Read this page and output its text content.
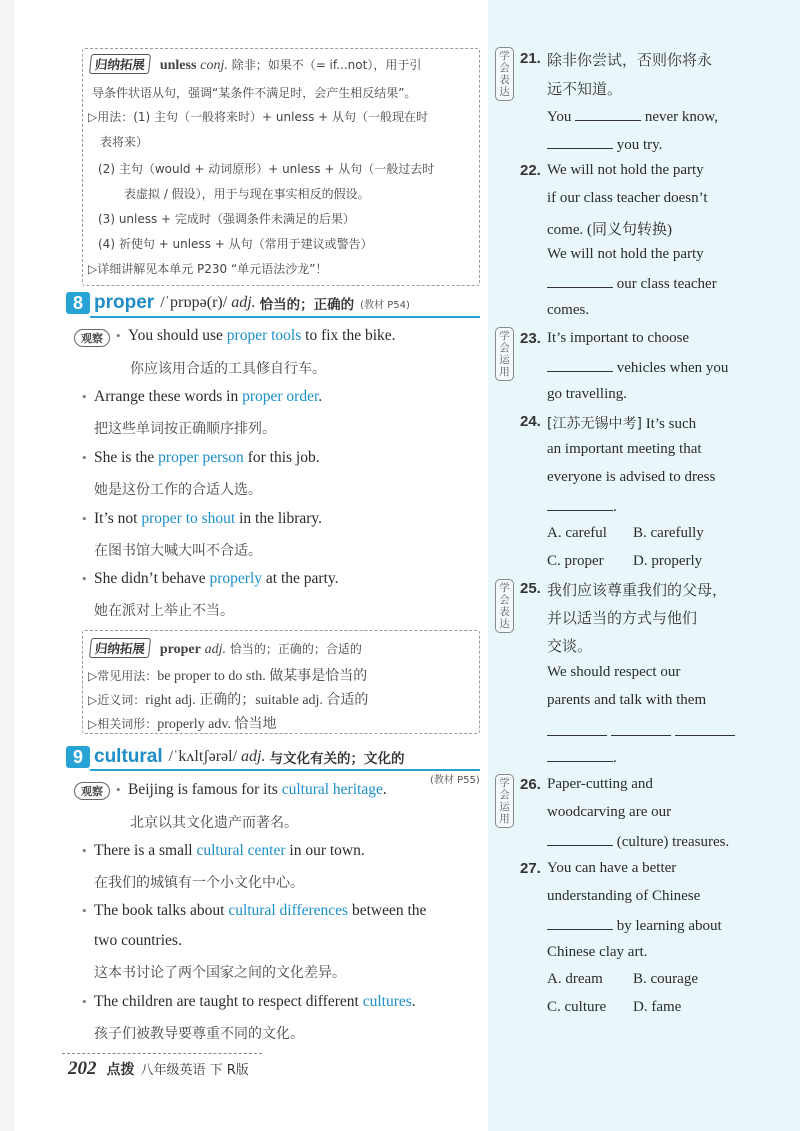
归纳拓展 unless conj. 除非；如果不（= if...not），用于引
导条件状语从句，强调“某条件不满足时，会产生相反结果”。
▷用法：(1) 主句（一般将来时）+ unless + 从句（一般现在时
表将来）
(2) 主句（would + 动词原形）+ unless + 从句（一般过去时
表虚拟 / 假设），用于与现在事实相反的假设。
(3) unless + 完成时（强调条件未满足的后果）
(4) 祈使句 + unless + 从句（常用于建议或警告）
▷详细讲解见本单元 P230 “单元语法沙龙”！
8 proper /ˈprɒpə(r)/ adj. 恰当的；正确的 (教材 P54)
观察	• You should use proper tools to fix the bike.
你应该用合适的工具修自行车。
• Arrange these words in proper order.
把这些单词按正确顺序排列。
• She is the proper person for this job.
她是这份工作的合适人选。
• It’s not proper to shout in the library.
在图书馆大喊大叫不合适。
• She didn’t behave properly at the party.
她在派对上举止不当。
归纳拓展 proper adj. 恰当的；正确的；合适的
▷常见用法：be proper to do sth. 做某事是恰当的
▷近义词：right adj. 正确的；suitable adj. 合适的
▷相关词形：properly adv. 恰当地
9 cultural /ˈkʌltʃərəl/ adj. 与文化有关的；文化的
(教材 P55)
观察	• Beijing is famous for its cultural heritage.
北京以其文化遗产而著名。
• There is a small cultural center in our town.
在我们的城镇有一个小文化中心。
• The book talks about cultural differences between the
two countries.
这本书讨论了两个国家之间的文化差异。
• The children are taught to respect different cultures.
孩子们被教导要尊重不同的文化。
202 点拨 八年级英语 下 R版
学会表达
21. 除非你尝试，否则你将永
远不知道。
You	never know,
you try.
22. We will not hold the party
if our class teacher doesn’t
come. (同义句转换)
We will not hold the party
our class teacher
comes.
学会运用
23. It’s important to choose
vehicles when you
go travelling.
24. [江苏无锡中考] It’s such
an important meeting that
everyone is advised to dress
.
A. careful B. carefully
C. proper D. properly
学会表达
25. 我们应该尊重我们的父母，
并以适当的方式与他们
交谈。
We should respect our
parents and talk with them
.
学会运用
26. Paper-cutting and
woodcarving are our
(culture) treasures.
27. You can have a better
understanding of Chinese
by learning about
Chinese clay art.
A. dream B. courage
C. culture D. fame
